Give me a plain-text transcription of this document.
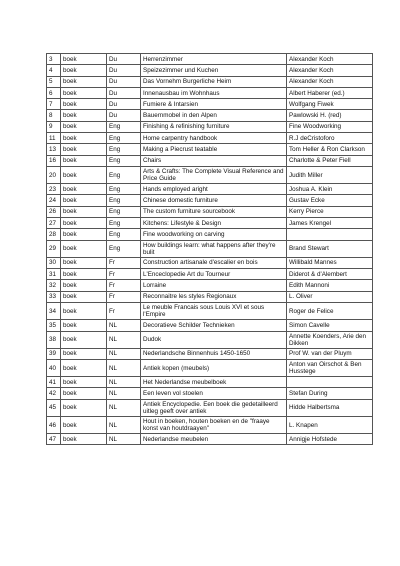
3	boek	Du	Herrenzimmer	Alexander Koch
4	boek	Du	Speizezimmer und Kuchen	Alexander Koch
5	boek	Du	Das Vornehm Burgerliche Heim	Alexander Koch
6	boek	Du	Innenausbau im Wohnhaus	Albert Haberer (ed.)
7	boek	Du	Fumiere & Intarsien	Wolfgang Fiwek
8	boek	Du	Bauernmobel in den Alpen	Pawlowski H. (red)
9	boek	Eng	Finishing & refinishing furniture	Fine Woodworking
11	boek	Eng	Home carpentry handbook	R.J deCristoforo
13	boek	Eng	Making a Piecrust teatable	Tom Heller & Ron Clarkson
16	boek	Eng	Chairs	Charlotte & Peter Fiell
20	boek	Eng	Arts & Crafts: The Complete Visual Reference and Price Guide	Judith Miller
23	boek	Eng	Hands employed aright	Joshua A. Klein
24	boek	Eng	Chinese domestic furniture	Gustav Ecke
26	boek	Eng	The custom furniture sourcebook	Kerry Pierce
27	boek	Eng	Kitchens: Lifestyle & Design	James Krengel
28	boek	Eng	Fine woodworking on carving	
29	boek	Eng	How buildings learn: what happens after they're bulit	Brand Stewart
30	boek	Fr	Construction artisanale d'escalier en bois	Willibald Mannes
31	boek	Fr	L'Enceclopedie Art du Tourneur	Diderot & d'Alembert
32	boek	Fr	Lorraine	Edith Mannoni
33	boek	Fr	Reconnaitre les styles Regionaux	L. Oliver
34	boek	Fr	Le meuble Francais sous Louis XVI et sous l'Empire	Roger de Felice
35	boek	NL	Decoratieve Schilder Technieken	Simon Cavelle
38	boek	NL	Dudok	Annette Koenders, Arie den Dikken
39	boek	NL	Nederlandsche Binnenhuis 1450-1650	Prof W. van der Pluym
40	boek	NL	Antiek kopen (meubels)	Anton van Oirschot & Ben Husstege
41	boek	NL	Het Nederlandse meubelboek	
42	boek	NL	Een leven vol stoelen	Stefan During
45	boek	NL	Antiek Encyclopedie. Een boek die gedetailleerd uitleg geeft over antiek	Hidde Halbertsma
46	boek	NL	Hout in boeken, houten boeken en de "fraaye konst van houtdraayen"	L. Knapen
47	boek	NL	Nederlandse meubelen	Annigje Hofstede
